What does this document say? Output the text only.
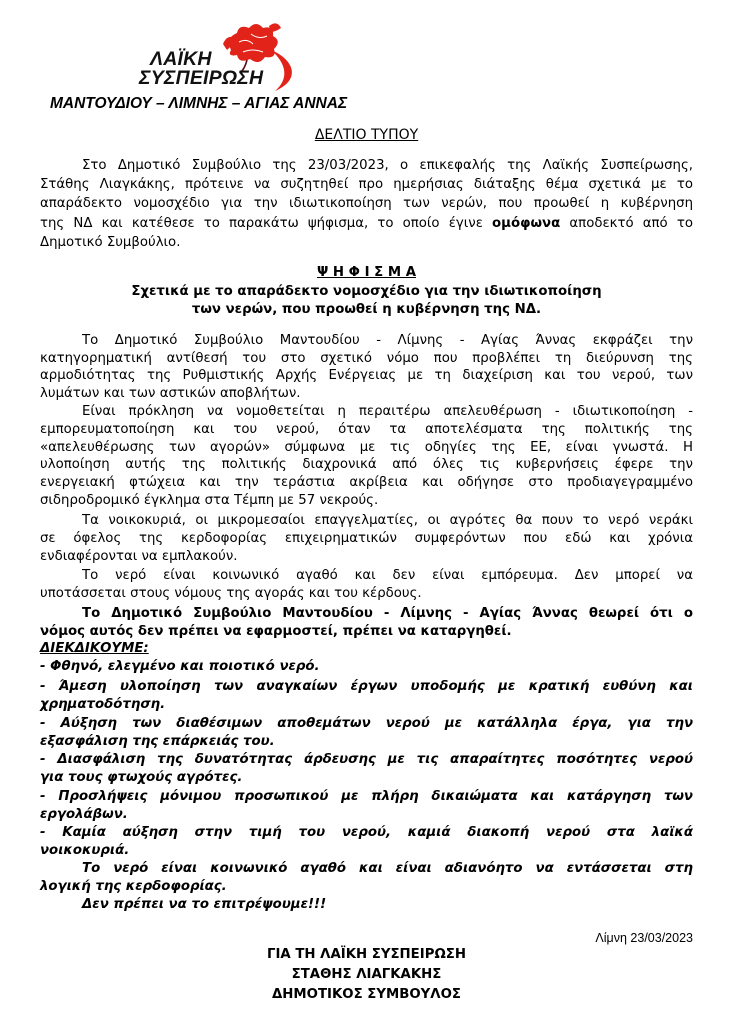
ΛΑΪΚΗ
ΣΥΣΠΕΙΡΩΣΗ
ΜΑΝΤΟΥΔΙΟΥ – ΛΙΜΝΗΣ – ΑΓΙΑΣ ΑΝΝΑΣ
ΔΕΛΤΙΟ ΤΥΠΟΥ
Στο Δημοτικό Συμβούλιο της 23/03/2023, ο επικεφαλής της Λαϊκής Συσπείρωσης,
Στάθης Λιαγκάκης, πρότεινε να συζητηθεί προ ημερήσιας διάταξης θέμα σχετικά με το
απαράδεκτο νομοσχέδιο για την ιδιωτικοποίηση των νερών, που προωθεί η κυβέρνηση
της ΝΔ και κατέθεσε το παρακάτω ψήφισμα, το οποίο έγινε ομόφωνα αποδεκτό από το
Δημοτικό Συμβούλιο.
Ψ Η Φ Ι Σ Μ Α
Σχετικά με το απαράδεκτο νομοσχέδιο για την ιδιωτικοποίηση
των νερών, που προωθεί η κυβέρνηση της ΝΔ.
Το Δημοτικό Συμβούλιο Μαντουδίου - Λίμνης - Αγίας Άννας εκφράζει την
κατηγορηματική αντίθεσή του στο σχετικό νόμο που προβλέπει τη διεύρυνση της
αρμοδιότητας της Ρυθμιστικής Αρχής Ενέργειας με τη διαχείριση και του νερού, των
λυμάτων και των αστικών αποβλήτων.
Είναι πρόκληση να νομοθετείται η περαιτέρω απελευθέρωση - ιδιωτικοποίηση -
εμπορευματοποίηση και του νερού, όταν τα αποτελέσματα της πολιτικής της
«απελευθέρωσης των αγορών» σύμφωνα με τις οδηγίες της ΕΕ, είναι γνωστά. Η
υλοποίηση αυτής της πολιτικής διαχρονικά από όλες τις κυβερνήσεις έφερε την
ενεργειακή φτώχεια και την τεράστια ακρίβεια και οδήγησε στο προδιαγεγραμμένο
σιδηροδρομικό έγκλημα στα Τέμπη με 57 νεκρούς.
Τα νοικοκυριά, οι μικρομεσαίοι επαγγελματίες, οι αγρότες θα πουν το νερό νεράκι
σε όφελος της κερδοφορίας επιχειρηματικών συμφερόντων που εδώ και χρόνια
ενδιαφέρονται να εμπλακούν.
Το νερό είναι κοινωνικό αγαθό και δεν είναι εμπόρευμα. Δεν μπορεί να
υποτάσσεται στους νόμους της αγοράς και του κέρδους.
Το Δημοτικό Συμβούλιο Μαντουδίου - Λίμνης - Αγίας Άννας θεωρεί ότι ο
νόμος αυτός δεν πρέπει να εφαρμοστεί, πρέπει να καταργηθεί.
ΔΙΕΚΔΙΚΟΥΜΕ:
- Φθηνό, ελεγμένο και ποιοτικό νερό.
- Άμεση υλοποίηση των αναγκαίων έργων υποδομής με κρατική ευθύνη και
χρηματοδότηση.
- Αύξηση των διαθέσιμων αποθεμάτων νερού με κατάλληλα έργα, για την
εξασφάλιση της επάρκειάς του.
- Διασφάλιση της δυνατότητας άρδευσης με τις απαραίτητες ποσότητες νερού
για τους φτωχούς αγρότες.
- Προσλήψεις μόνιμου προσωπικού με πλήρη δικαιώματα και κατάργηση των
εργολάβων.
- Καμία αύξηση στην τιμή του νερού, καμιά διακοπή νερού στα λαϊκά
νοικοκυριά.
Το νερό είναι κοινωνικό αγαθό και είναι αδιανόητο να εντάσσεται στη
λογική της κερδοφορίας.
Δεν πρέπει να το επιτρέψουμε!!!
Λίμνη 23/03/2023
ΓΙΑ ΤΗ ΛΑΪΚΗ ΣΥΣΠΕΙΡΩΣΗ
ΣΤΑΘΗΣ ΛΙΑΓΚΑΚΗΣ
ΔΗΜΟΤΙΚΟΣ ΣΥΜΒΟΥΛΟΣ
